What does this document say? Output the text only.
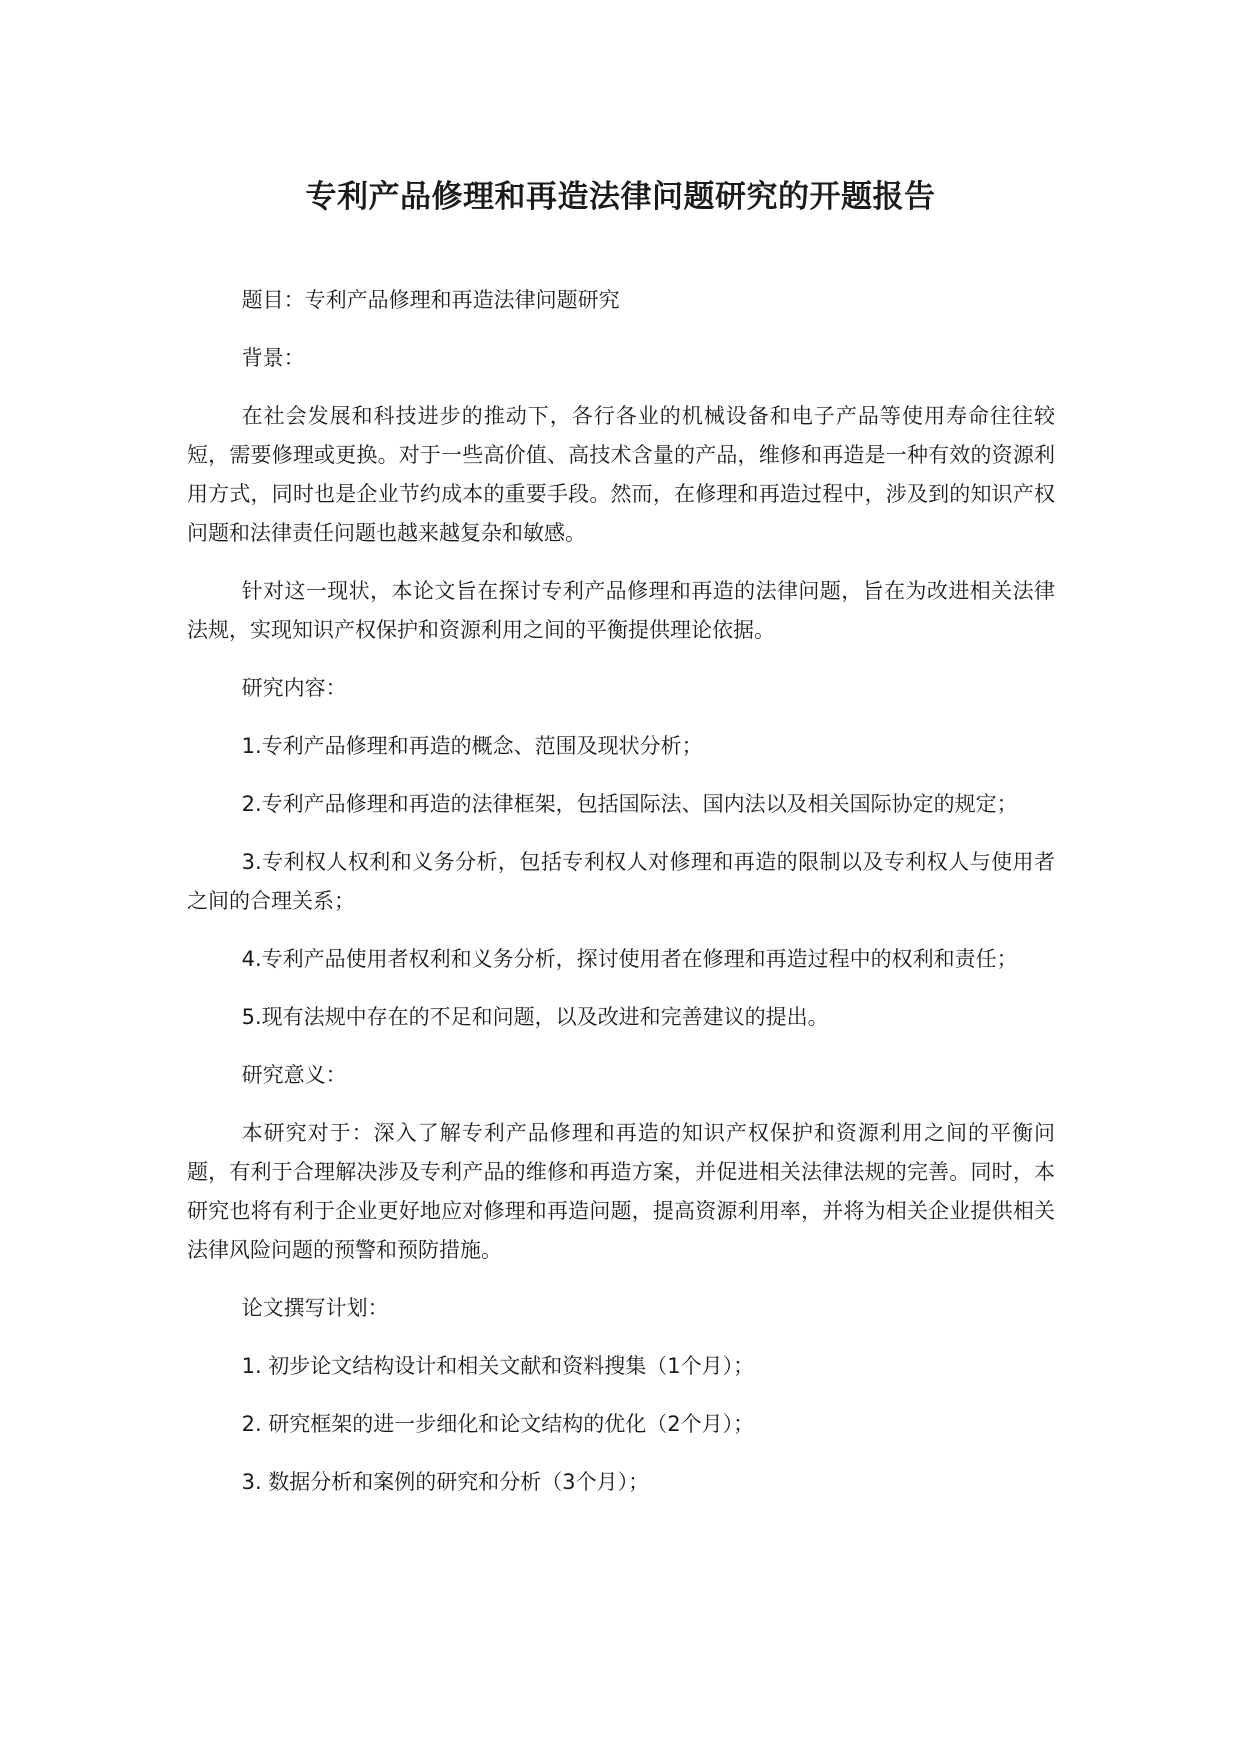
专利产品修理和再造法律问题研究的开题报告

题目：专利产品修理和再造法律问题研究

背景：

在社会发展和科技进步的推动下，各行各业的机械设备和电子产品等使用寿命往往较短，需要修理或更换。对于一些高价值、高技术含量的产品，维修和再造是一种有效的资源利用方式，同时也是企业节约成本的重要手段。然而，在修理和再造过程中，涉及到的知识产权问题和法律责任问题也越来越复杂和敏感。

针对这一现状，本论文旨在探讨专利产品修理和再造的法律问题，旨在为改进相关法律法规，实现知识产权保护和资源利用之间的平衡提供理论依据。

研究内容：

1.专利产品修理和再造的概念、范围及现状分析；

2.专利产品修理和再造的法律框架，包括国际法、国内法以及相关国际协定的规定；

3.专利权人权利和义务分析，包括专利权人对修理和再造的限制以及专利权人与使用者之间的合理关系；

4.专利产品使用者权利和义务分析，探讨使用者在修理和再造过程中的权利和责任；

5.现有法规中存在的不足和问题，以及改进和完善建议的提出。

研究意义：

本研究对于：深入了解专利产品修理和再造的知识产权保护和资源利用之间的平衡问题，有利于合理解决涉及专利产品的维修和再造方案，并促进相关法律法规的完善。同时，本研究也将有利于企业更好地应对修理和再造问题，提高资源利用率，并将为相关企业提供相关法律风险问题的预警和预防措施。

论文撰写计划：

1. 初步论文结构设计和相关文献和资料搜集（1个月）；

2. 研究框架的进一步细化和论文结构的优化（2个月）；

3. 数据分析和案例的研究和分析（3个月）；
